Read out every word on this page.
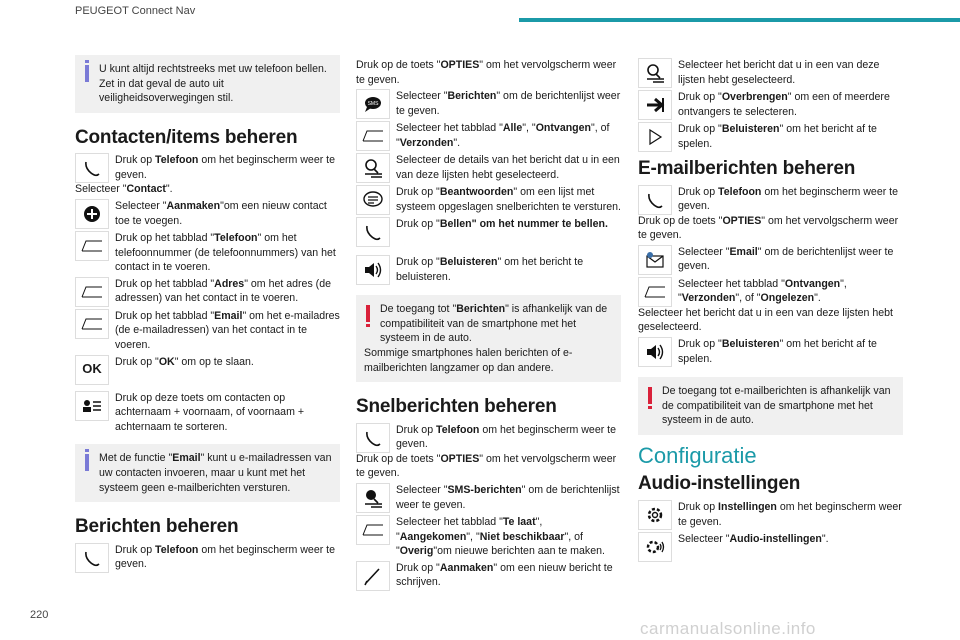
PEUGEOT Connect Nav
U kunt altijd rechtstreeks met uw telefoon bellen. Zet in dat geval de auto uit veiligheidsoverwegingen stil.
Contacten/items beheren
Druk op Telefoon om het beginscherm weer te geven.
Selecteer "Contact".
Selecteer "Aanmaken"om een nieuw contact toe te voegen.
Druk op het tabblad "Telefoon" om het telefoonnummer (de telefoonnummers) van het contact in te voeren.
Druk op het tabblad "Adres" om het adres (de adressen) van het contact in te voeren.
Druk op het tabblad "Email" om het e-mailadres (de e-mailadressen) van het contact in te voeren.
OK Druk op "OK" om op te slaan.
Druk op deze toets om contacten op achternaam + voornaam, of voornaam + achternaam te sorteren.
Met de functie "Email" kunt u e-mailadressen van uw contacten invoeren, maar u kunt met het systeem geen e-mailberichten versturen.
Berichten beheren
Druk op Telefoon om het beginscherm weer te geven.
Druk op de toets "OPTIES" om het vervolgscherm weer te geven.
SMS
Selecteer "Berichten" om de berichtenlijst weer te geven.
Selecteer het tabblad "Alle", "Ontvangen", of "Verzonden".
Selecteer de details van het bericht dat u in een van deze lijsten hebt geselecteerd.
Druk op "Beantwoorden" om een lijst met systeem opgeslagen snelberichten te versturen.
Druk op "Bellen" om het nummer te bellen.
Druk op "Beluisteren" om het bericht te beluisteren.
De toegang tot "Berichten" is afhankelijk van de compatibiliteit van de smartphone met het systeem in de auto.
Sommige smartphones halen berichten of e-mailberichten langzamer op dan andere.
Snelberichten beheren
Druk op Telefoon om het beginscherm weer te geven.
Druk op de toets "OPTIES" om het vervolgscherm weer te geven.
Selecteer "SMS-berichten" om de berichtenlijst weer te geven.
Selecteer het tabblad "Te laat", "Aangekomen", "Niet beschikbaar", of "Overig"om nieuwe berichten aan te maken.
Druk op "Aanmaken" om een nieuw bericht te schrijven.
Selecteer het bericht dat u in een van deze lijsten hebt geselecteerd.
Druk op "Overbrengen" om een of meerdere ontvangers te selecteren.
Druk op "Beluisteren" om het bericht af te spelen.
E-mailberichten beheren
Druk op Telefoon om het beginscherm weer te geven.
Druk op de toets "OPTIES" om het vervolgscherm weer te geven.
Selecteer "Email" om de berichtenlijst weer te geven.
Selecteer het tabblad "Ontvangen", "Verzonden", of "Ongelezen".
Selecteer het bericht dat u in een van deze lijsten hebt geselecteerd.
Druk op "Beluisteren" om het bericht af te spelen.
De toegang tot e-mailberichten is afhankelijk van de compatibiliteit van de smartphone met het systeem in de auto.
Configuratie
Audio-instellingen
Druk op Instellingen om het beginscherm weer te geven.
Selecteer "Audio-instellingen".
220
carmanualsonline.info
